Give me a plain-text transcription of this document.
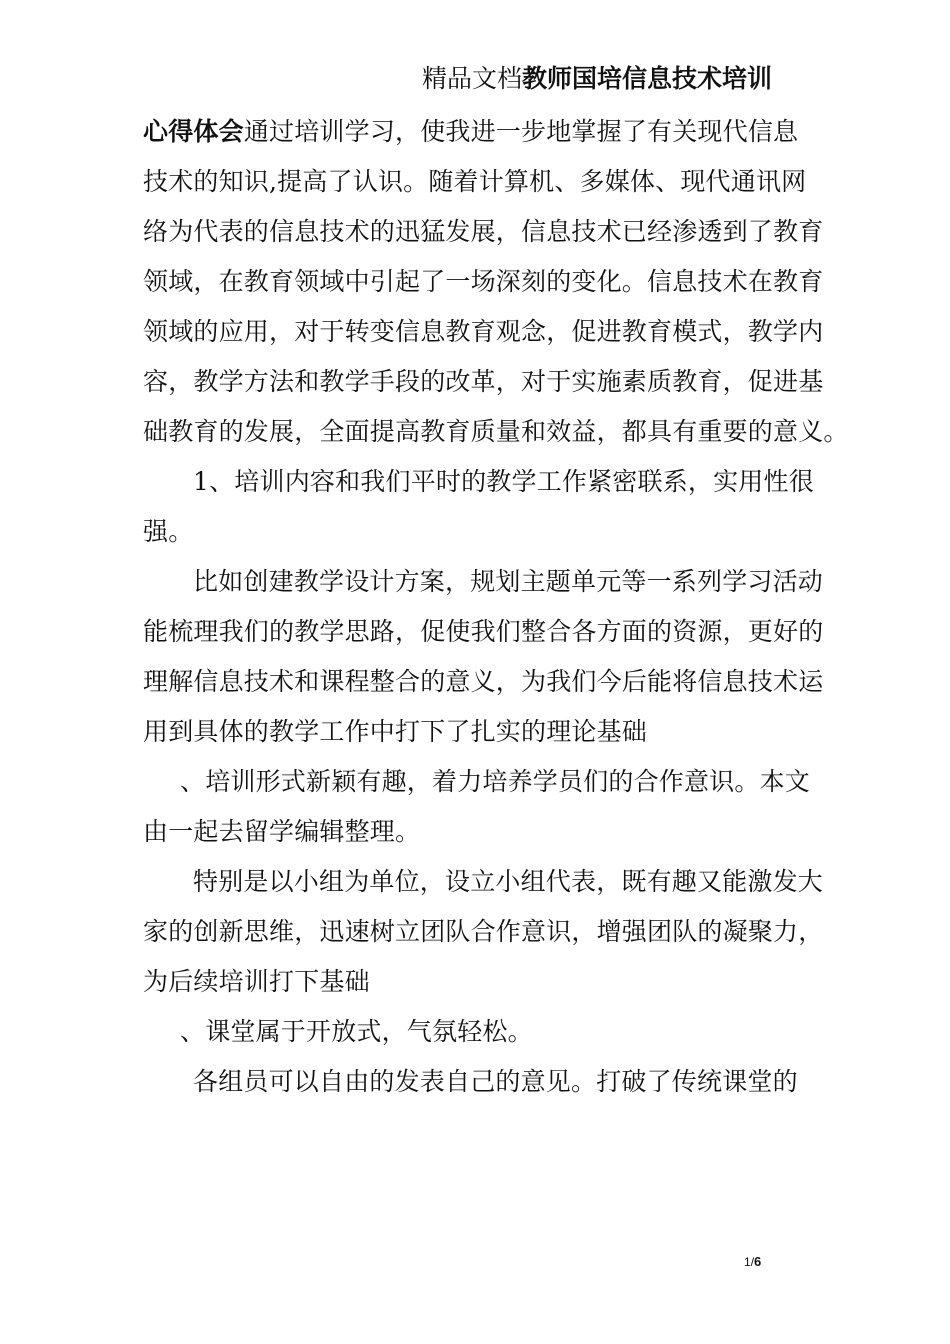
精品文档教师国培信息技术培训
心得体会通过培训学习，使我进一步地掌握了有关现代信息
技术的知识,提高了认识。随着计算机、多媒体、现代通讯网
络为代表的信息技术的迅猛发展，信息技术已经渗透到了教育
领域，在教育领域中引起了一场深刻的变化。信息技术在教育
领域的应用，对于转变信息教育观念，促进教育模式，教学内
容，教学方法和教学手段的改革，对于实施素质教育，促进基
础教育的发展，全面提高教育质量和效益，都具有重要的意义。
1、培训内容和我们平时的教学工作紧密联系，实用性很
强。
比如创建教学设计方案，规划主题单元等一系列学习活动
能梳理我们的教学思路，促使我们整合各方面的资源，更好的
理解信息技术和课程整合的意义，为我们今后能将信息技术运
用到具体的教学工作中打下了扎实的理论基础
、培训形式新颖有趣，着力培养学员们的合作意识。本文
由一起去留学编辑整理。
特别是以小组为单位，设立小组代表，既有趣又能激发大
家的创新思维，迅速树立团队合作意识，增强团队的凝聚力，
为后续培训打下基础
、课堂属于开放式，气氛轻松。
各组员可以自由的发表自己的意见。打破了传统课堂的
1/6
